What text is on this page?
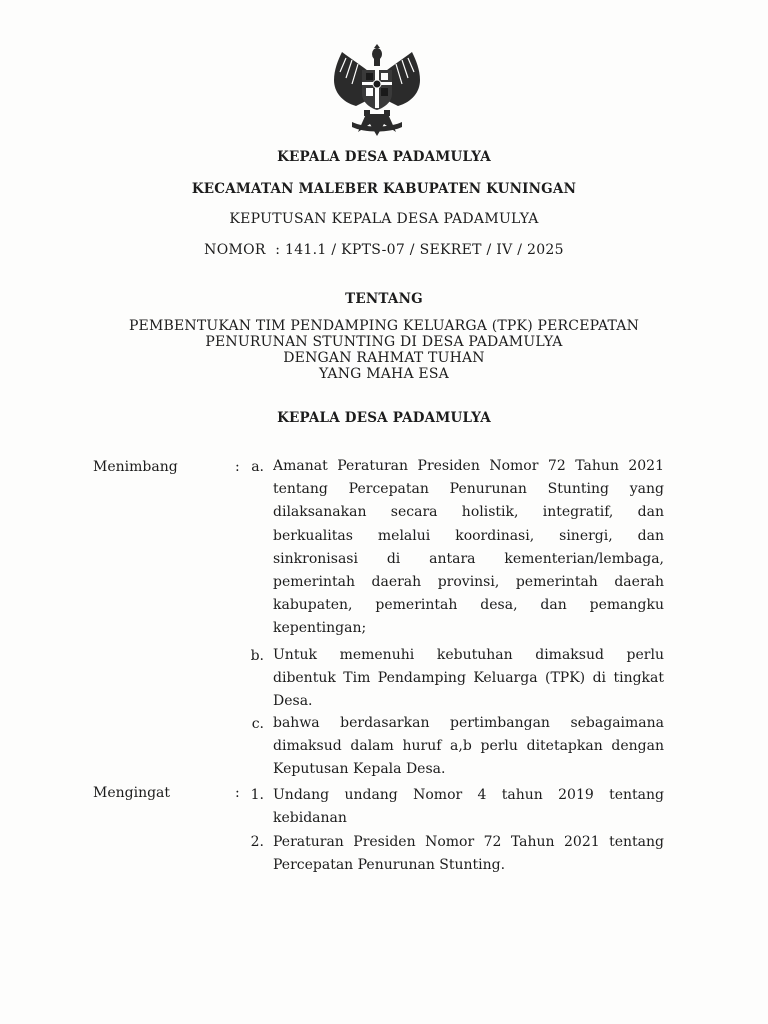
KEPALA DESA PADAMULYA
KECAMATAN MALEBER KABUPATEN KUNINGAN
KEPUTUSAN KEPALA DESA PADAMULYA
NOMOR  : 141.1 / KPTS-07 / SEKRET / IV / 2025
TENTANG
PEMBENTUKAN TIM PENDAMPING KELUARGA (TPK) PERCEPATAN
PENURUNAN STUNTING DI DESA PADAMULYA
DENGAN RAHMAT TUHAN
YANG MAHA ESA
KEPALA DESA PADAMULYA
Menimbang	: a. Amanat Peraturan Presiden Nomor 72 Tahun 2021
tentang Percepatan Penurunan Stunting yang
dilaksanakan secara holistik, integratif, dan
berkualitas melalui koordinasi, sinergi, dan
sinkronisasi di antara kementerian/lembaga,
pemerintah daerah provinsi, pemerintah daerah
kabupaten, pemerintah desa, dan pemangku
kepentingan;
b. Untuk memenuhi kebutuhan dimaksud perlu
dibentuk Tim Pendamping Keluarga (TPK) di tingkat
Desa.
c. bahwa berdasarkan pertimbangan sebagaimana
dimaksud dalam huruf a,b perlu ditetapkan dengan
Keputusan Kepala Desa.
Mengingat	: 1. Undang undang Nomor 4 tahun 2019 tentang
kebidanan
2. Peraturan Presiden Nomor 72 Tahun 2021 tentang
Percepatan Penurunan Stunting.
